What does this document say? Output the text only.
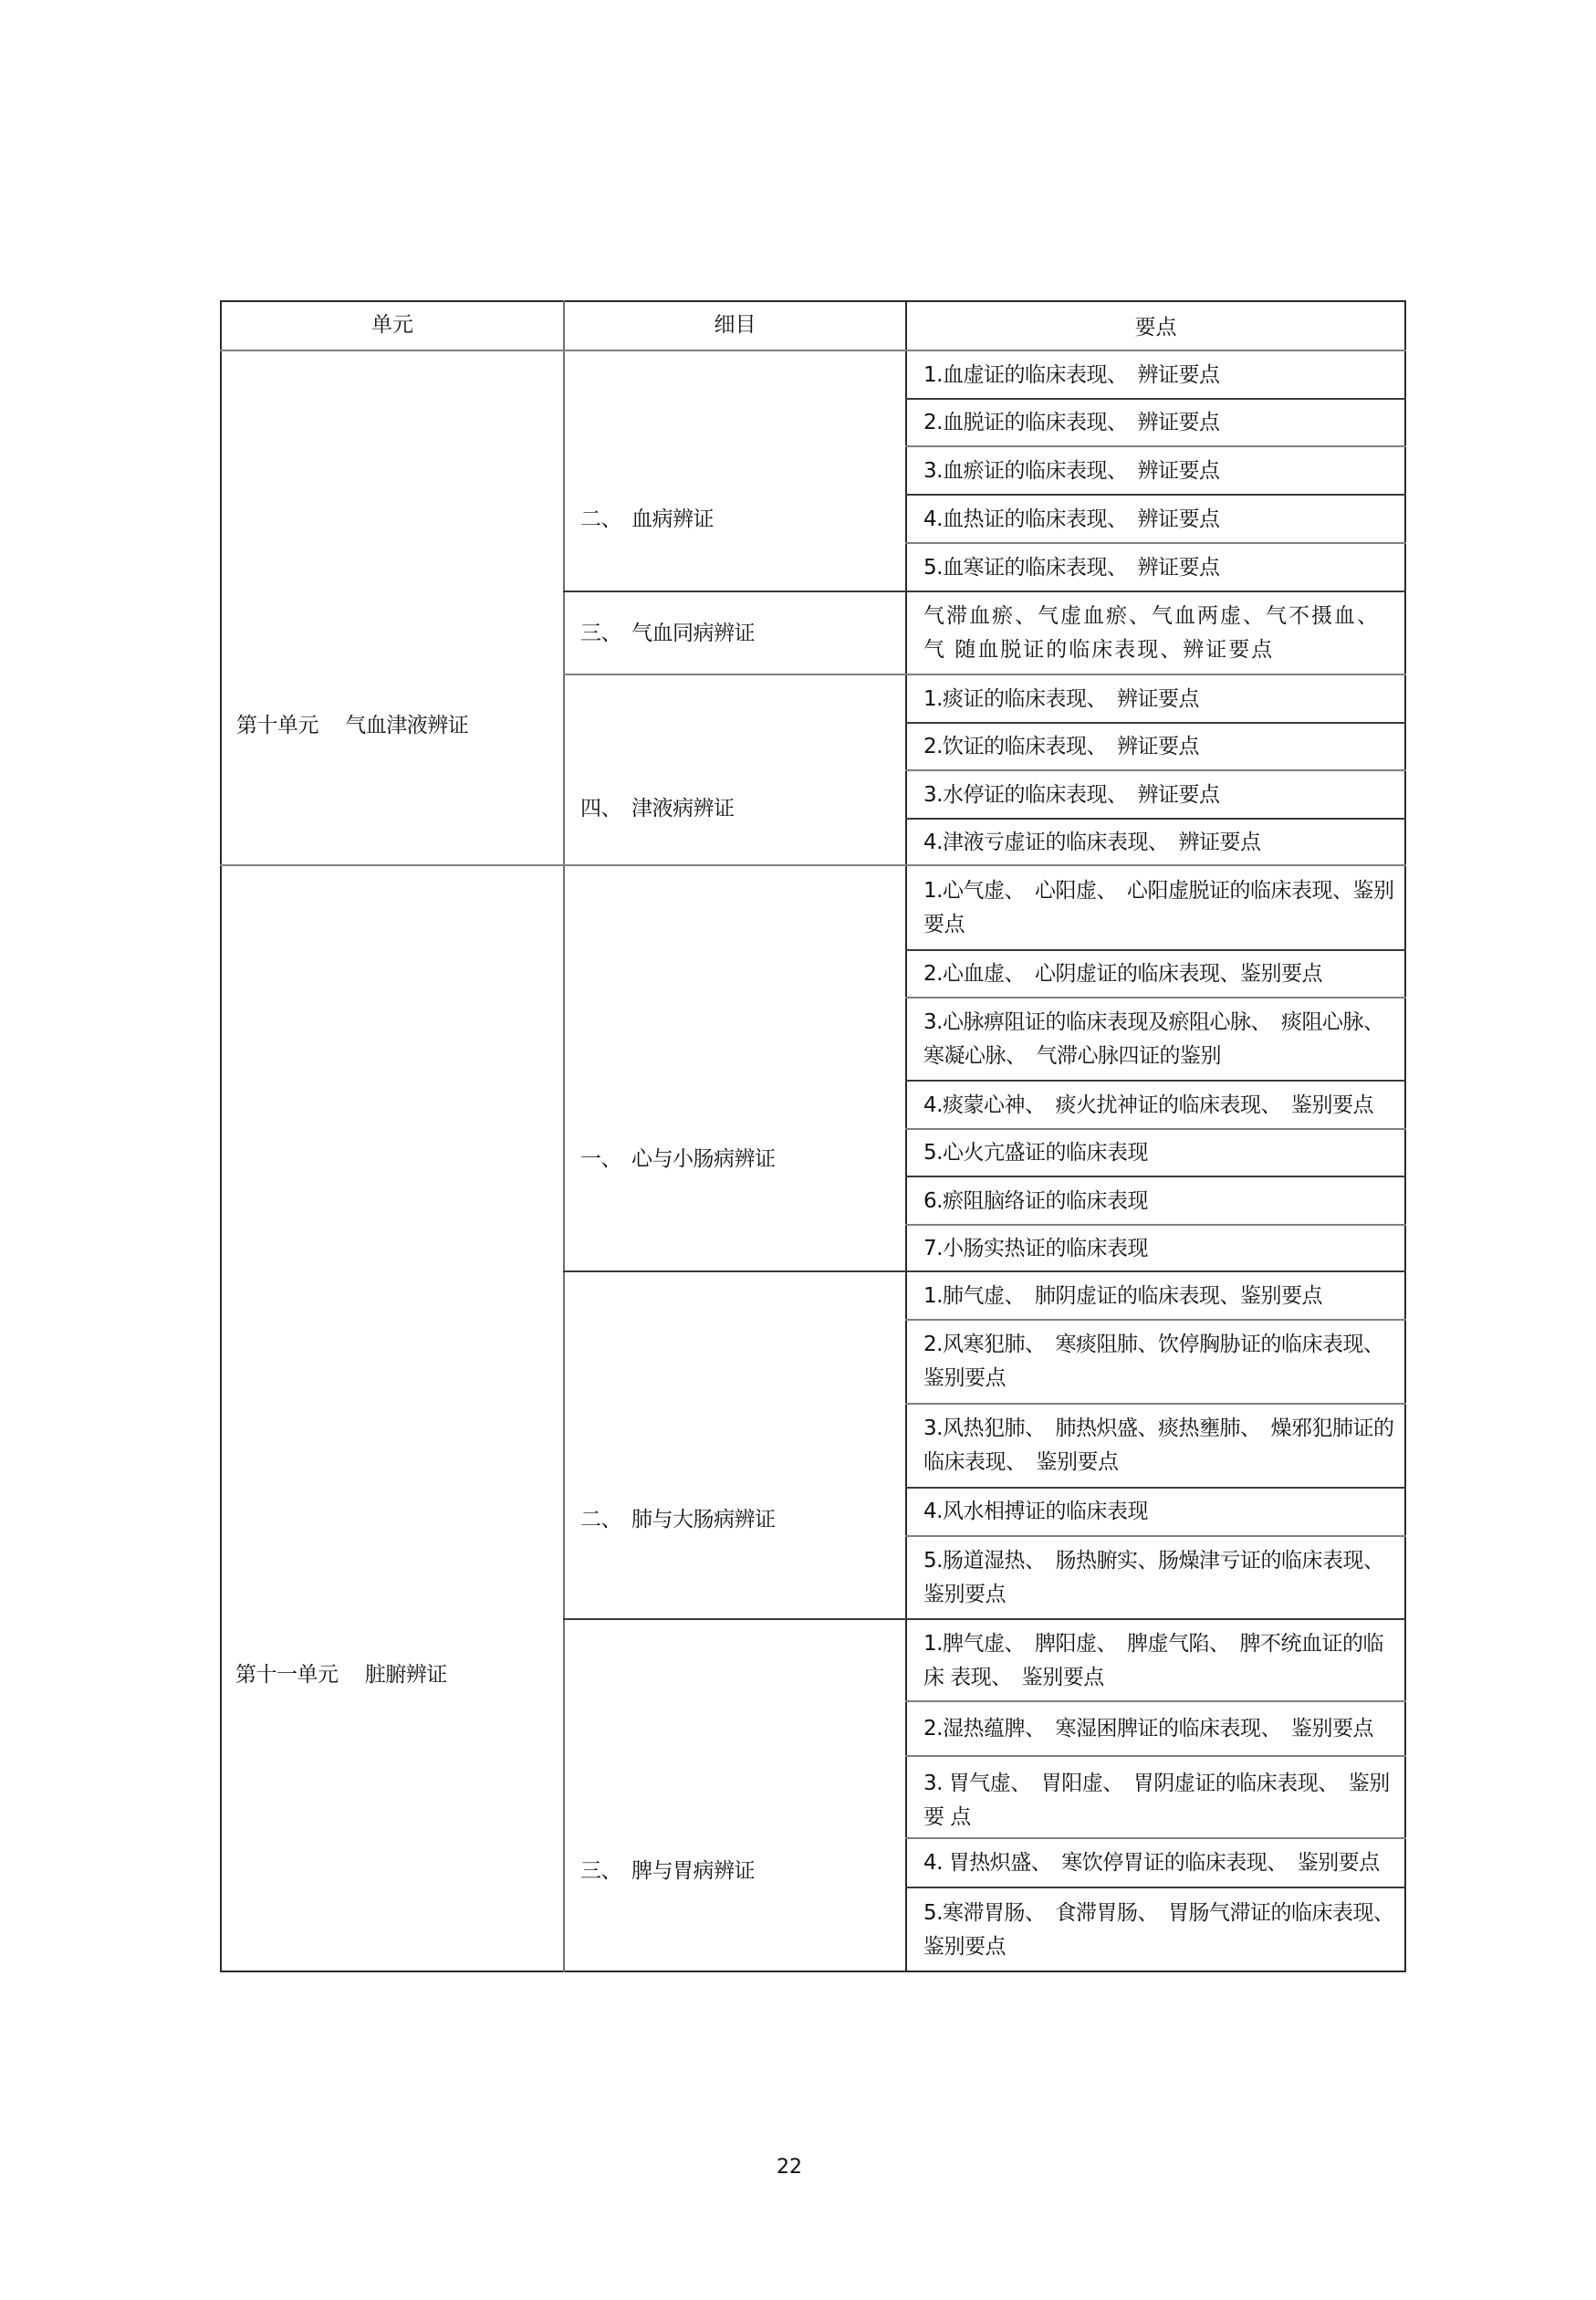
单元	细目	要点
第十单元　 气血津液辨证
第十一单元　 脏腑辨证
二、　血病辨证
三、　气血同病辨证
四、　津液病辨证
一、　心与小肠病辨证
二、　肺与大肠病辨证
三、　脾与胃病辨证
1.血虚证的临床表现、　辨证要点
2.血脱证的临床表现、　辨证要点
3.血瘀证的临床表现、　辨证要点
4.血热证的临床表现、　辨证要点
5.血寒证的临床表现、　辨证要点
气滞血瘀、气虚血瘀、气血两虚、气不摄血、气 随血脱证的临床表现、辨证要点
1.痰证的临床表现、　辨证要点
2.饮证的临床表现、　辨证要点
3.水停证的临床表现、　辨证要点
4.津液亏虚证的临床表现、　辨证要点
1.心气虚、　心阳虚、　心阳虚脱证的临床表现、鉴别 要点
2.心血虚、　心阴虚证的临床表现、鉴别要点
3.心脉痹阻证的临床表现及瘀阻心脉、　痰阻心脉、寒凝心脉、　气滞心脉四证的鉴别
4.痰蒙心神、　痰火扰神证的临床表现、　鉴别要点
5.心火亢盛证的临床表现
6.瘀阻脑络证的临床表现
7.小肠实热证的临床表现
1.肺气虚、　肺阴虚证的临床表现、鉴别要点
2.风寒犯肺、　寒痰阻肺、饮停胸胁证的临床表现、　鉴别要点
3.风热犯肺、　肺热炽盛、痰热壅肺、　燥邪犯肺证的 临床表现、　鉴别要点
4.风水相搏证的临床表现
5.肠道湿热、　肠热腑实、肠燥津亏证的临床表现、　鉴别要点
1.脾气虚、　脾阳虚、　脾虚气陷、　脾不统血证的临床 表现、　鉴别要点
2.湿热蕴脾、　寒湿困脾证的临床表现、　鉴别要点
3. 胃气虚、　胃阳虚、　胃阴虚证的临床表现、　鉴别要 点
4. 胃热炽盛、　寒饮停胃证的临床表现、　鉴别要点
5.寒滞胃肠、　食滞胃肠、　胃肠气滞证的临床表现、　鉴别要点
22
